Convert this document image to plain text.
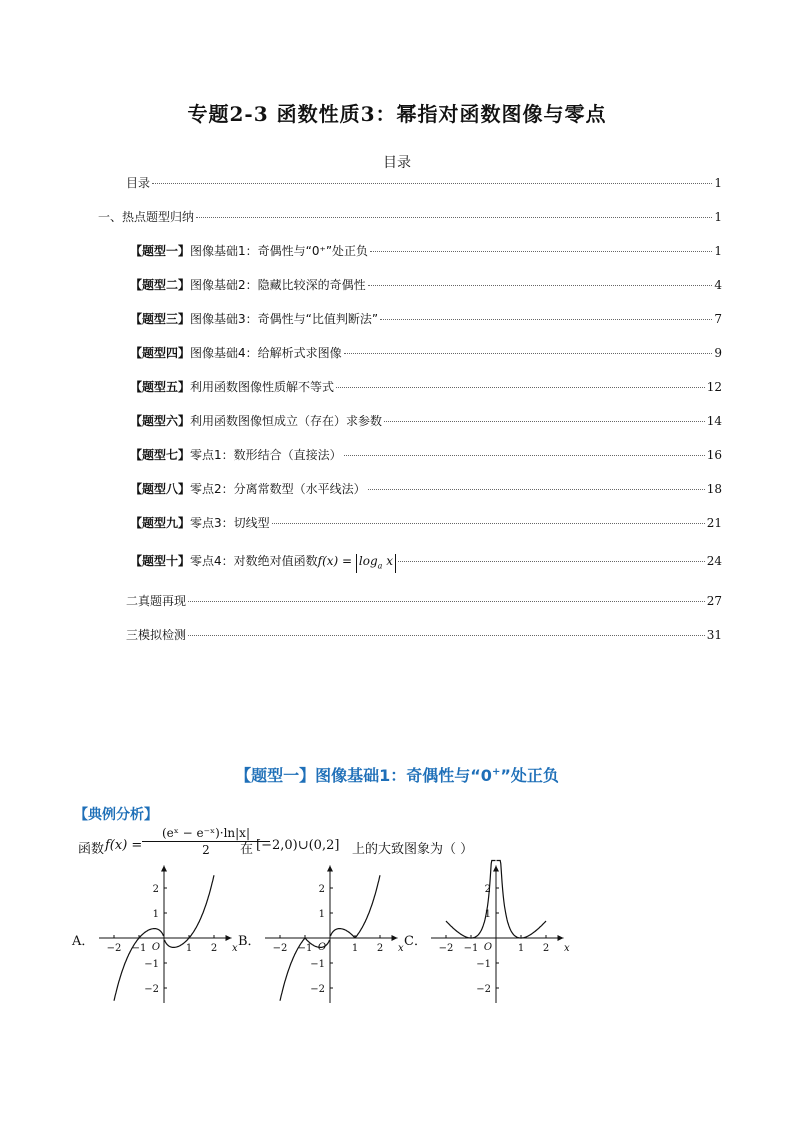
专题2-3 函数性质3：幂指对函数图像与零点
目录
目录	1
一、热点题型归纳	1
【题型一】图像基础1：奇偶性与“0⁺”处正负	1
【题型二】图像基础2：隐藏比较深的奇偶性	4
【题型三】图像基础3：奇偶性与“比值判断法”	7
【题型四】图像基础4：给解析式求图像	9
【题型五】利用函数图像性质解不等式	12
【题型六】利用函数图像恒成立（存在）求参数	14
【题型七】零点1：数形结合（直接法）	16
【题型八】零点2：分离常数型（水平线法）	18
【题型九】零点3：切线型	21
【题型十】零点4：对数绝对值函数$f(x) = \log_a x$	24
二真题再现	27
三模拟检测	31
【题型一】图像基础1：奇偶性与“0+”处正负
【典例分析】
函数 $f(x) = \frac{\text{(eˣ − e⁻ˣ)·ln|x|}}{2}$
在 [−2,0)∪(0,2] 上的大致图象为（ ）
A．	B．	C．
−2 −1	1 2
2
1
−1
−2
O	x	−2 −1	1 2
2
1
−1
−2
O	x	−2 −1	1 2
2
1
−1
−2
O	x
